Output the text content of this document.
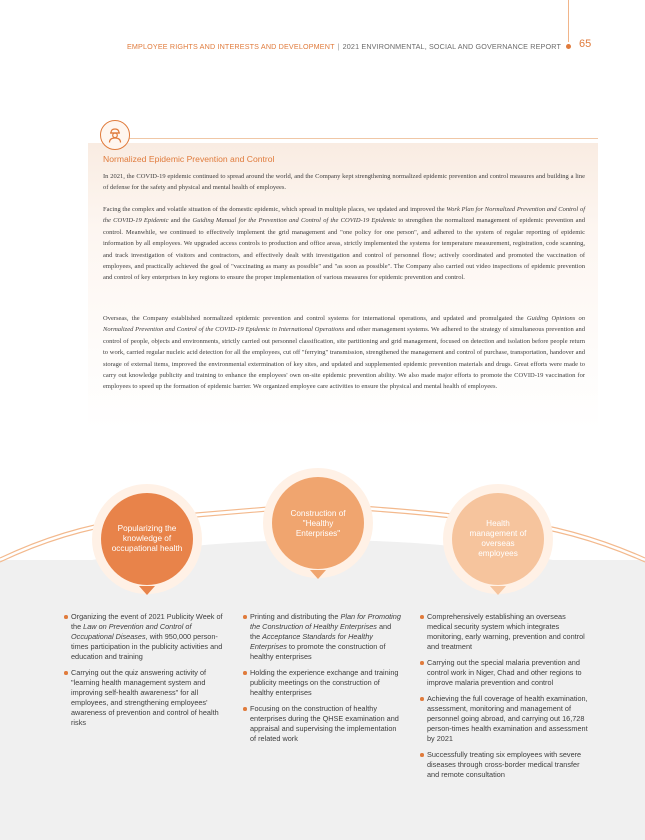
EMPLOYEE RIGHTS AND INTERESTS AND DEVELOPMENT | 2021 ENVIRONMENTAL, SOCIAL AND GOVERNANCE REPORT 65
Normalized Epidemic Prevention and Control

In 2021, the COVID-19 epidemic continued to spread around the world, and the Company kept strengthening normalized epidemic prevention and control measures and building a line of defense for the safety and physical and mental health of employees.

Facing the complex and volatile situation of the domestic epidemic, which spread in multiple places, we updated and improved the Work Plan for Normalized Prevention and Control of the COVID-19 Epidemic and the Guiding Manual for the Prevention and Control of the COVID-19 Epidemic to strengthen the normalized management of epidemic prevention and control. Meanwhile, we continued to effectively implement the grid management and "one policy for one person", and adhered to the system of regular reporting of epidemic information by all employees. We upgraded access controls to production and office areas, strictly implemented the systems for temperature measurement, registration, code scanning, and track investigation of visitors and contractors, and effectively dealt with investigation and control of personnel flow; actively coordinated and promoted the vaccination of employees, and practically achieved the goal of "vaccinating as many as possible" and "as soon as possible". The Company also carried out video inspections of epidemic prevention and control of key enterprises in key regions to ensure the proper implementation of various measures for epidemic prevention and control.

Overseas, the Company established normalized epidemic prevention and control systems for international operations, and updated and promulgated the Guiding Opinions on Normalized Prevention and Control of the COVID-19 Epidemic in International Operations and other management systems. We adhered to the strategy of simultaneous prevention and control of people, objects and environments, strictly carried out personnel classification, site partitioning and grid management, focused on detection and isolation before people return to work, carried regular nucleic acid detection for all the employees, cut off "ferrying" transmission, strengthened the management and control of purchase, transportation, handover and storage of external items, improved the environmental extermination of key sites, and updated and supplemented epidemic prevention materials and drugs. Great efforts were made to carry out knowledge publicity and training to enhance the employees' own on-site epidemic prevention ability. We also made major efforts to promote the COVID-19 vaccination for employees to speed up the formation of epidemic barrier. We organized employee care activities to ensure the physical and mental health of employees.

Popularizing the knowledge of occupational health
Construction of "Healthy Enterprises"
Health management of overseas employees
Organizing the event of 2021 Publicity Week of the Law on Prevention and Control of Occupational Diseases, with 950,000 person-times participation in the publicity activities and education and training
Carrying out the quiz answering activity of "learning health management system and improving self-health awareness" for all employees, and strengthening employees' awareness of prevention and control of health risks
Printing and distributing the Plan for Promoting the Construction of Healthy Enterprises and the Acceptance Standards for Healthy Enterprises to promote the construction of healthy enterprises
Holding the experience exchange and training publicity meetings on the construction of healthy enterprises
Focusing on the construction of healthy enterprises during the QHSE examination and appraisal and supervising the implementation of related work
Comprehensively establishing an overseas medical security system which integrates monitoring, early warning, prevention and control and treatment
Carrying out the special malaria prevention and control work in Niger, Chad and other regions to improve malaria prevention and control
Achieving the full coverage of health examination, assessment, monitoring and management of personnel going abroad, and carrying out 16,728 person-times health examination and assessment by 2021
Successfully treating six employees with severe diseases through cross-border medical transfer and remote consultation
